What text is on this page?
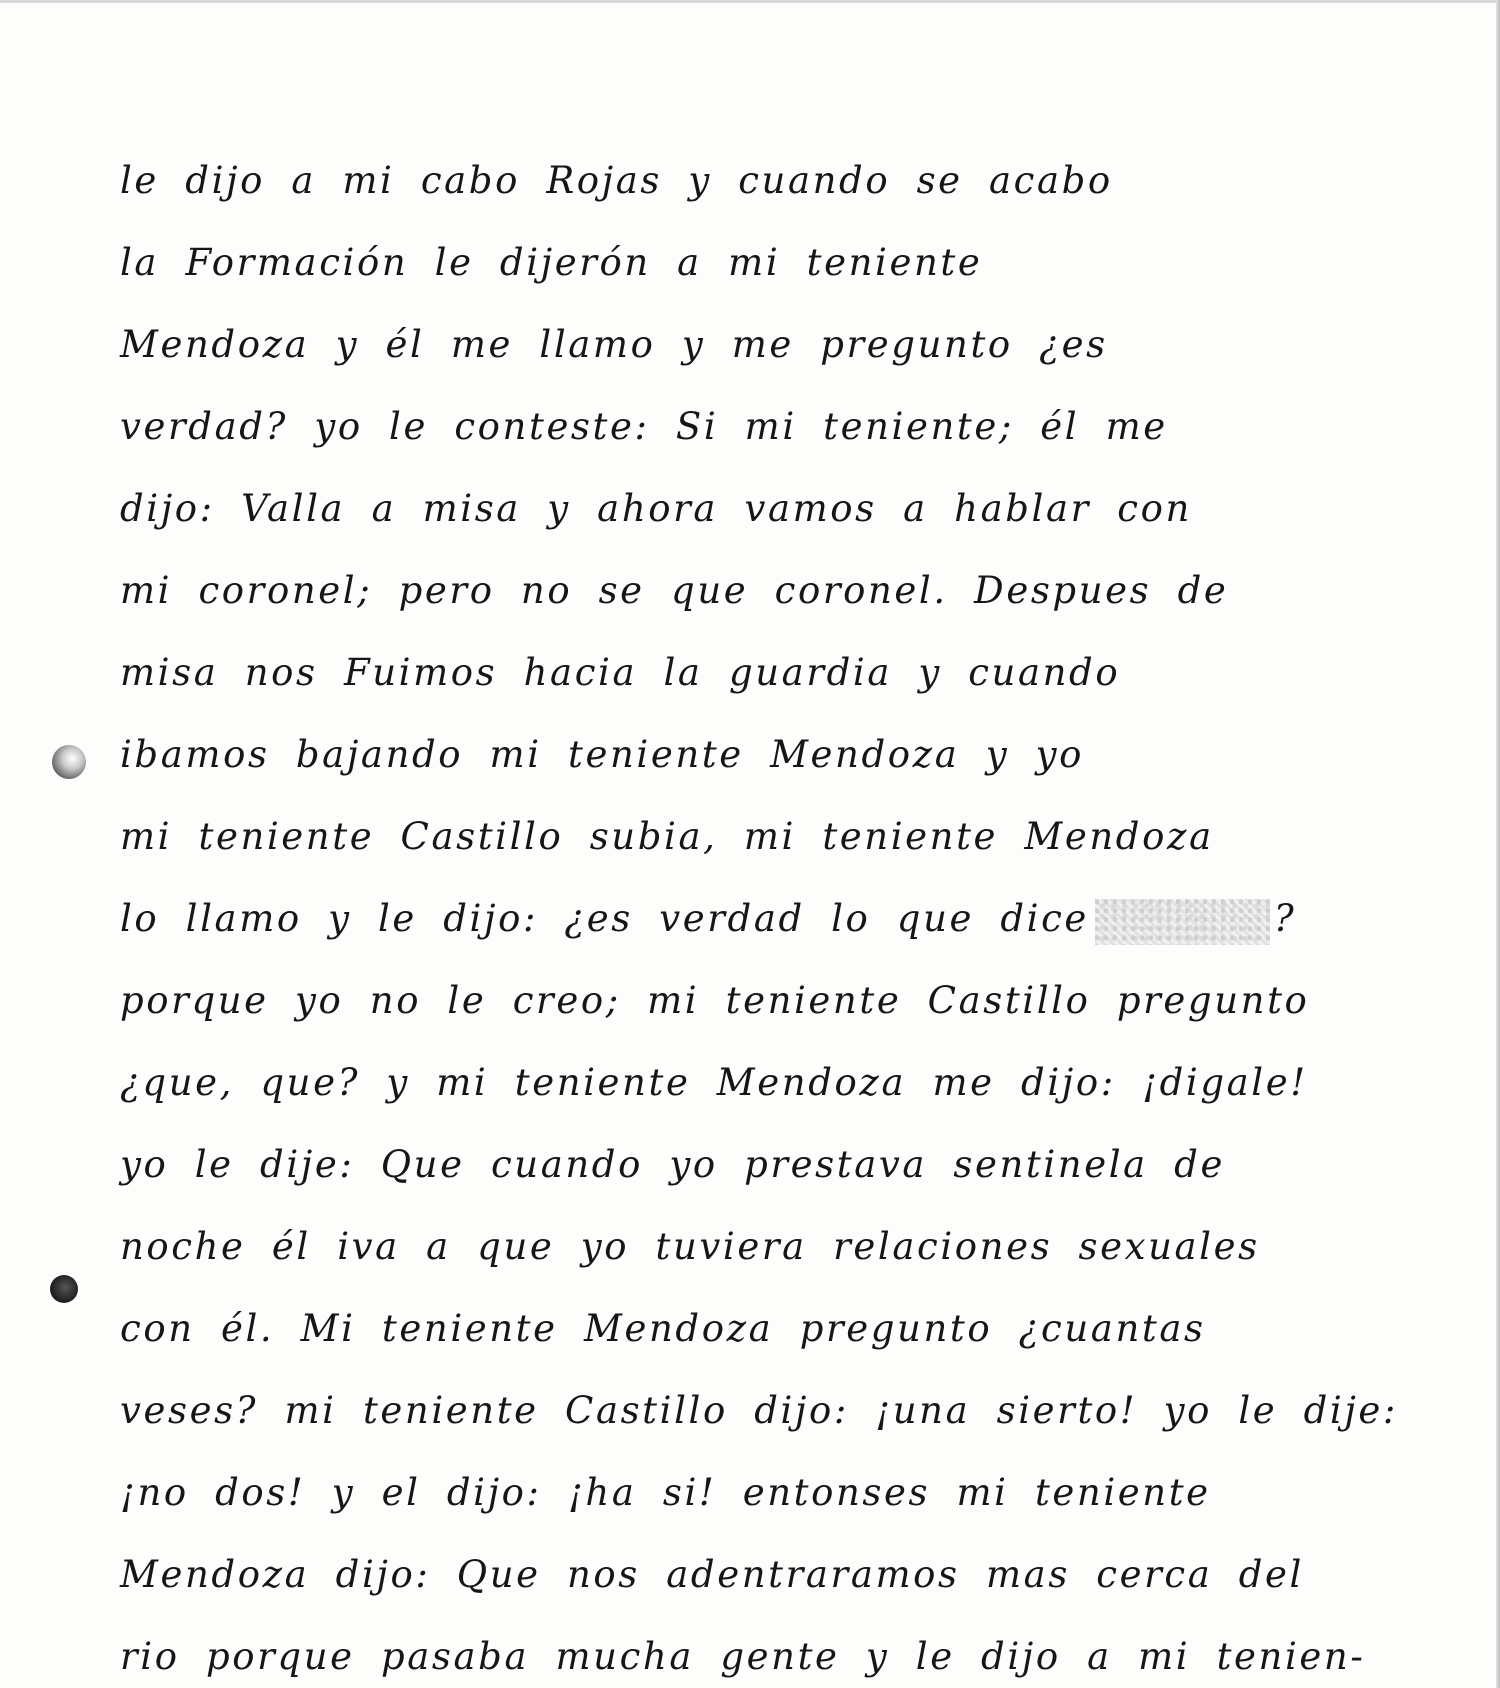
le dijo a mi cabo Rojas y cuando se acabo
la Formación le dijerón a mi teniente
Mendoza y él me llamo y me pregunto ¿es
verdad? yo le conteste: Si mi teniente; él me
dijo: Valla a misa y ahora vamos a hablar con
mi coronel; pero no se que coronel. Despues de
misa nos Fuimos hacia la guardia y cuando
ibamos bajando mi teniente Mendoza y yo
mi teniente Castillo subia, mi teniente Mendoza
lo llamo y le dijo: ¿es verdad lo que dice	?
porque yo no le creo; mi teniente Castillo pregunto
¿que, que? y mi teniente Mendoza me dijo: ¡digale!
yo le dije: Que cuando yo prestava sentinela de
noche él iva a que yo tuviera relaciones sexuales
con él. Mi teniente Mendoza pregunto ¿cuantas
veses? mi teniente Castillo dijo: ¡una sierto! yo le dije:
¡no dos! y el dijo: ¡ha si! entonses mi teniente
Mendoza dijo: Que nos adentraramos mas cerca del
rio porque pasaba mucha gente y le dijo a mi tenien-
